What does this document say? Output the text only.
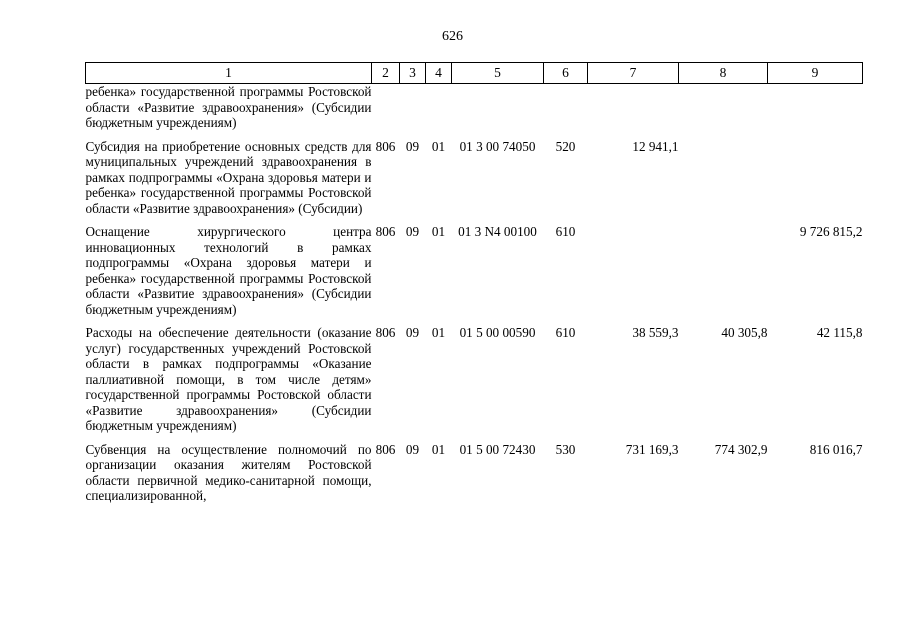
626
1	2	3	4	5	6	7	8	9
ребенка» государственной программы Ростовской области «Развитие здравоохранения» (Субсидии бюджетным учреждениям)								
Субсидия на приобретение основных средств для муниципальных учреждений здравоохранения в рамках подпрограммы «Охрана здоровья матери и ребенка» государственной программы Ростовской области «Развитие здравоохранения» (Субсидии)	806	09	01	01 3 00 74050	520	12 941,1		
Оснащение хирургического центра инновационных технологий в рамках подпрограммы «Охрана здоровья матери и ребенка» государственной программы Ростовской области «Развитие здравоохранения» (Субсидии бюджетным учреждениям)	806	09	01	01 3 N4 00100	610			9 726 815,2
Расходы на обеспечение деятельности (оказание услуг) государственных учреждений Ростовской области в рамках подпрограммы «Оказание паллиативной помощи, в том числе детям» государственной программы Ростовской области «Развитие здравоохранения» (Субсидии бюджетным учреждениям)	806	09	01	01 5 00 00590	610	38 559,3	40 305,8	42 115,8
Субвенция на осуществление полномочий по организации оказания жителям Ростовской области первичной медико-санитарной помощи, специализированной,	806	09	01	01 5 00 72430	530	731 169,3	774 302,9	816 016,7
